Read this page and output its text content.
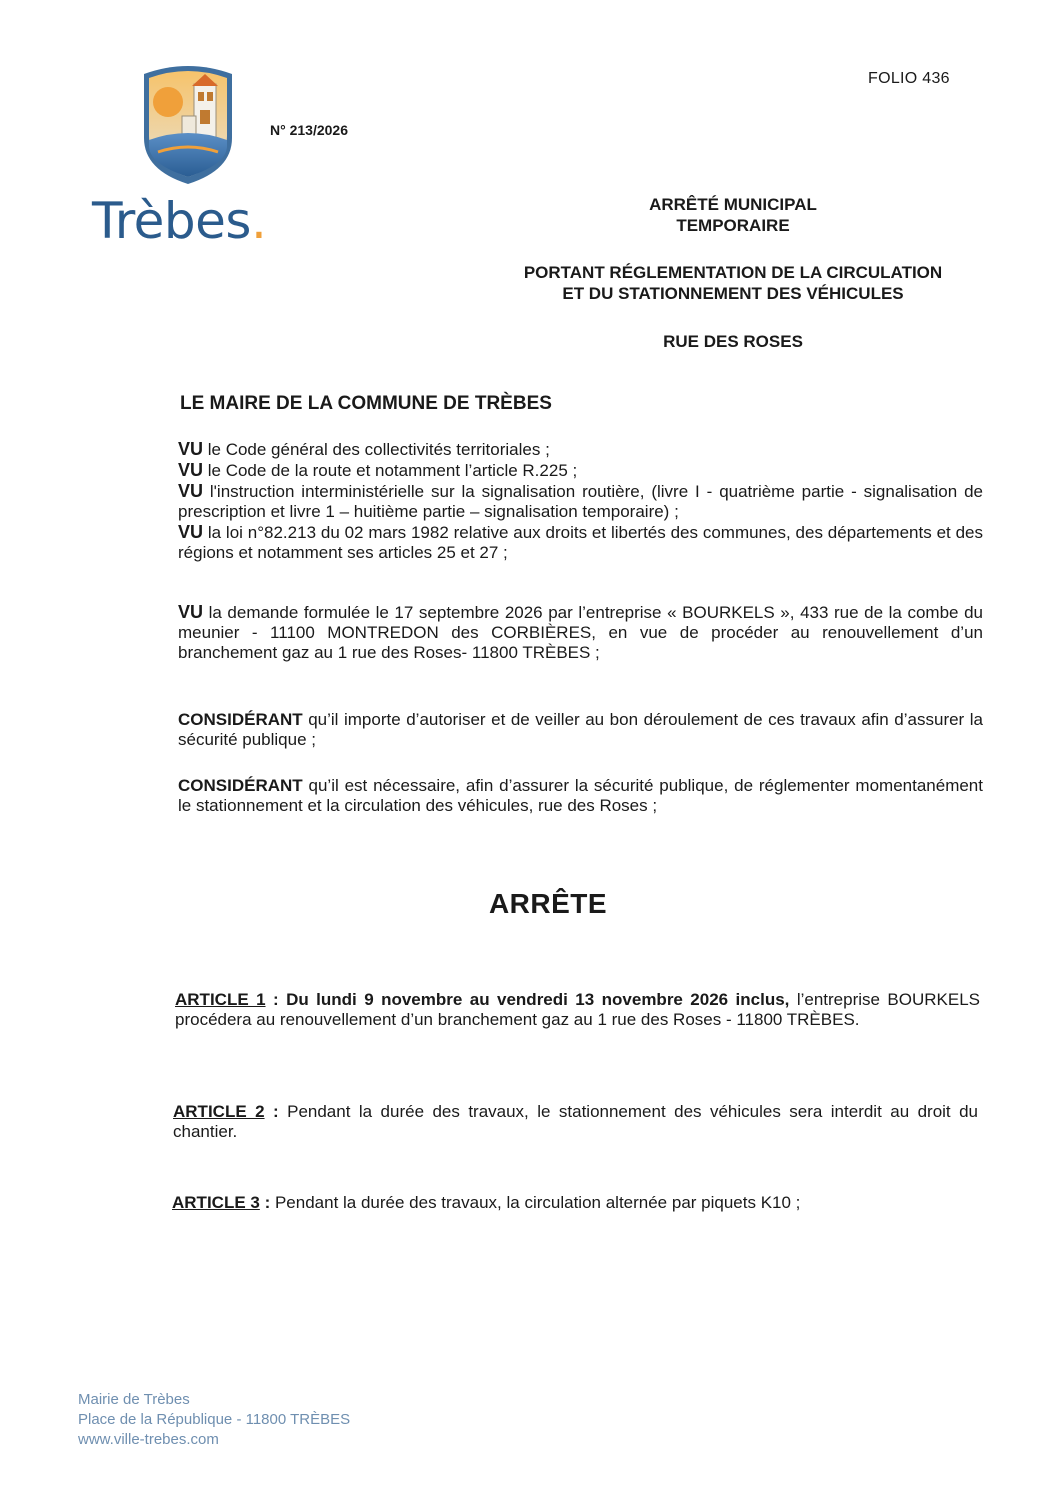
Trèbes.
FOLIO 436
N° 213/2026
ARRÊTÉ MUNICIPAL
TEMPORAIRE
PORTANT RÉGLEMENTATION DE LA CIRCULATION
ET DU STATIONNEMENT DES VÉHICULES
RUE DES ROSES
LE MAIRE DE LA COMMUNE DE TRÈBES

VU le Code général des collectivités territoriales ;

VU le Code de la route et notamment l’article R.225 ;

VU l'instruction interministérielle sur la signalisation routière, (livre I - quatrième partie - signalisation de prescription et livre 1 – huitième partie – signalisation temporaire) ;

VU la loi n°82.213 du 02 mars 1982 relative aux droits et libertés des communes, des départements et des régions et notamment ses articles 25 et 27 ;

VU la demande formulée le 17 septembre 2026 par l’entreprise « BOURKELS », 433 rue de la combe du meunier - 11100 MONTREDON des CORBIÈRES, en vue de procéder au renouvellement d’un branchement gaz au 1 rue des Roses- 11800 TRÈBES ;

CONSIDÉRANT qu’il importe d’autoriser et de veiller au bon déroulement de ces travaux afin d’assurer la sécurité publique ;

CONSIDÉRANT qu’il est nécessaire, afin d’assurer la sécurité publique, de réglementer momentanément le stationnement et la circulation des véhicules, rue des Roses ;

ARRÊTE

ARTICLE 1 : Du lundi 9 novembre au vendredi 13 novembre 2026 inclus, l’entreprise BOURKELS procédera au renouvellement d’un branchement gaz au 1 rue des Roses - 11800 TRÈBES.

ARTICLE 2 : Pendant la durée des travaux, le stationnement des véhicules sera interdit au droit du chantier.

ARTICLE 3 : Pendant la durée des travaux, la circulation alternée par piquets K10 ;

Mairie de Trèbes
Place de la République - 11800 TRÈBES
www.ville-trebes.com
